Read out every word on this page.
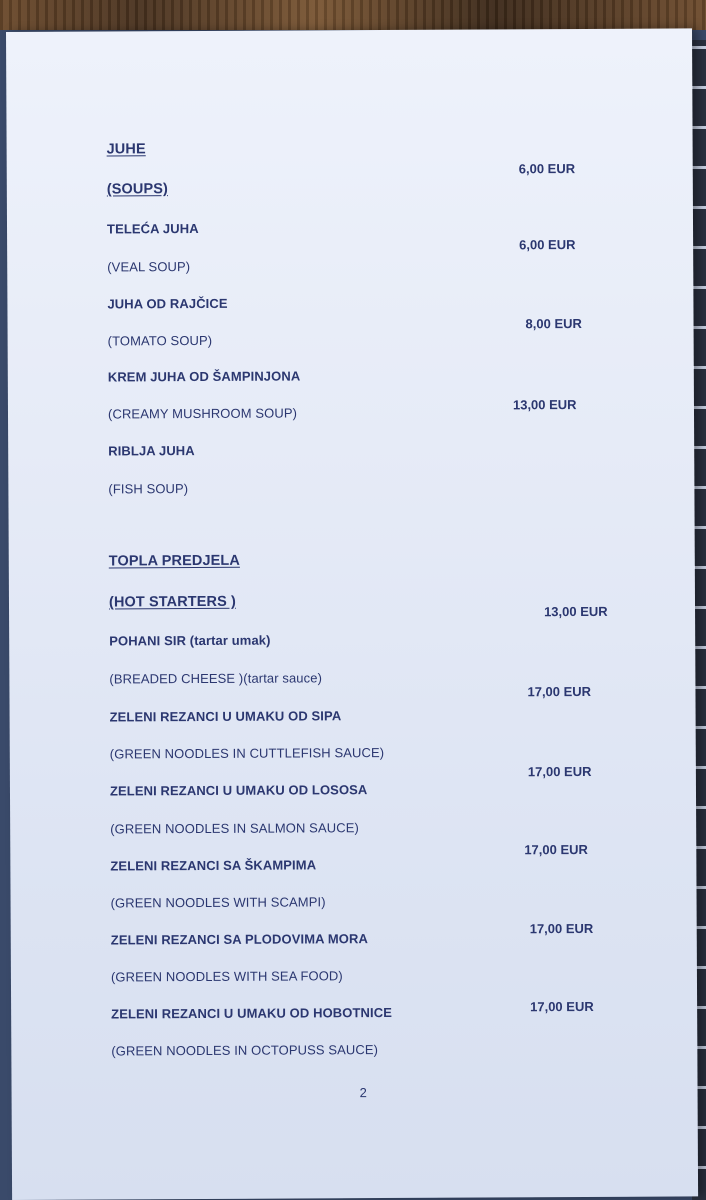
JUHE
(SOUPS)
TELEĆA JUHA
(VEAL SOUP)
6,00 EUR
JUHA OD RAJČICE
(TOMATO SOUP)
6,00 EUR
KREM JUHA OD ŠAMPINJONA
(CREAMY MUSHROOM SOUP)
8,00 EUR
RIBLJA JUHA
(FISH SOUP)
13,00 EUR
TOPLA PREDJELA
(HOT STARTERS )
POHANI SIR (tartar umak)
(BREADED CHEESE )(tartar sauce)
13,00 EUR
ZELENI REZANCI U UMAKU OD SIPA
(GREEN NOODLES IN CUTTLEFISH SAUCE)
17,00 EUR
ZELENI REZANCI U UMAKU OD LOSOSA
(GREEN NOODLES IN SALMON SAUCE)
17,00 EUR
ZELENI REZANCI SA ŠKAMPIMA
(GREEN NOODLES WITH SCAMPI)
17,00 EUR
ZELENI REZANCI SA PLODOVIMA MORA
(GREEN NOODLES WITH SEA FOOD)
17,00 EUR
ZELENI REZANCI U UMAKU OD HOBOTNICE
(GREEN NOODLES IN OCTOPUSS SAUCE)
17,00 EUR
2
